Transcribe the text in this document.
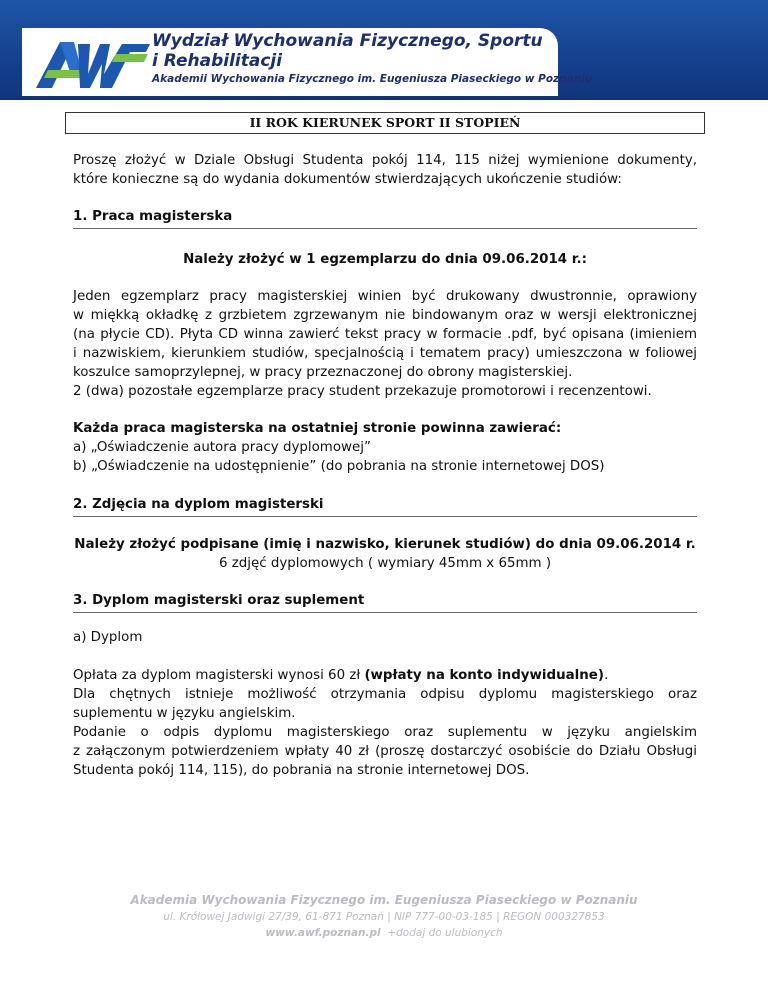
Wydział Wychowania Fizycznego, Sportu i Rehabilitacji
Akademii Wychowania Fizycznego im. Eugeniusza Piaseckiego w Poznaniu
II ROK KIERUNEK SPORT II STOPIEŃ
Proszę złożyć w Dziale Obsługi Studenta pokój 114, 115 niżej wymienione dokumenty,
które konieczne są do wydania dokumentów stwierdzających ukończenie studiów:
1. Praca magisterska
Należy złożyć w 1 egzemplarzu do dnia 09.06.2014 r.:
Jeden egzemplarz pracy magisterskiej winien być drukowany dwustronnie, oprawiony
w miękką okładkę z grzbietem zgrzewanym nie bindowanym oraz w wersji elektronicznej
(na płycie CD). Płyta CD winna zawierć tekst pracy w formacie .pdf, być opisana (imieniem
i nazwiskiem, kierunkiem studiów, specjalnością i tematem pracy) umieszczona w foliowej
koszulce samoprzylepnej, w pracy przeznaczonej do obrony magisterskiej.
2 (dwa) pozostałe egzemplarze pracy student przekazuje promotorowi i recenzentowi.
Każda praca magisterska na ostatniej stronie powinna zawierać:
a) „Oświadczenie autora pracy dyplomowej”
b) „Oświadczenie na udostępnienie” (do pobrania na stronie internetowej DOS)
2. Zdjęcia na dyplom magisterski
Należy złożyć podpisane (imię i nazwisko, kierunek studiów) do dnia 09.06.2014 r.
6 zdjęć dyplomowych ( wymiary 45mm x 65mm )
3. Dyplom magisterski oraz suplement
a) Dyplom
Opłata za dyplom magisterski wynosi 60 zł (wpłaty na konto indywidualne).
Dla chętnych istnieje możliwość otrzymania odpisu dyplomu magisterskiego oraz
suplementu w języku angielskim.
Podanie o odpis dyplomu magisterskiego oraz suplementu w języku angielskim
z załączonym potwierdzeniem wpłaty 40 zł (proszę dostarczyć osobiście do Działu Obsługi
Studenta pokój 114, 115), do pobrania na stronie internetowej DOS.
Akademia Wychowania Fizycznego im. Eugeniusza Piaseckiego w Poznaniu
ul. Królowej Jadwigi 27/39, 61-871 Poznań | NIP 777-00-03-185 | REGON 000327853
www.awf.poznan.pl +dodaj do ulubionych
